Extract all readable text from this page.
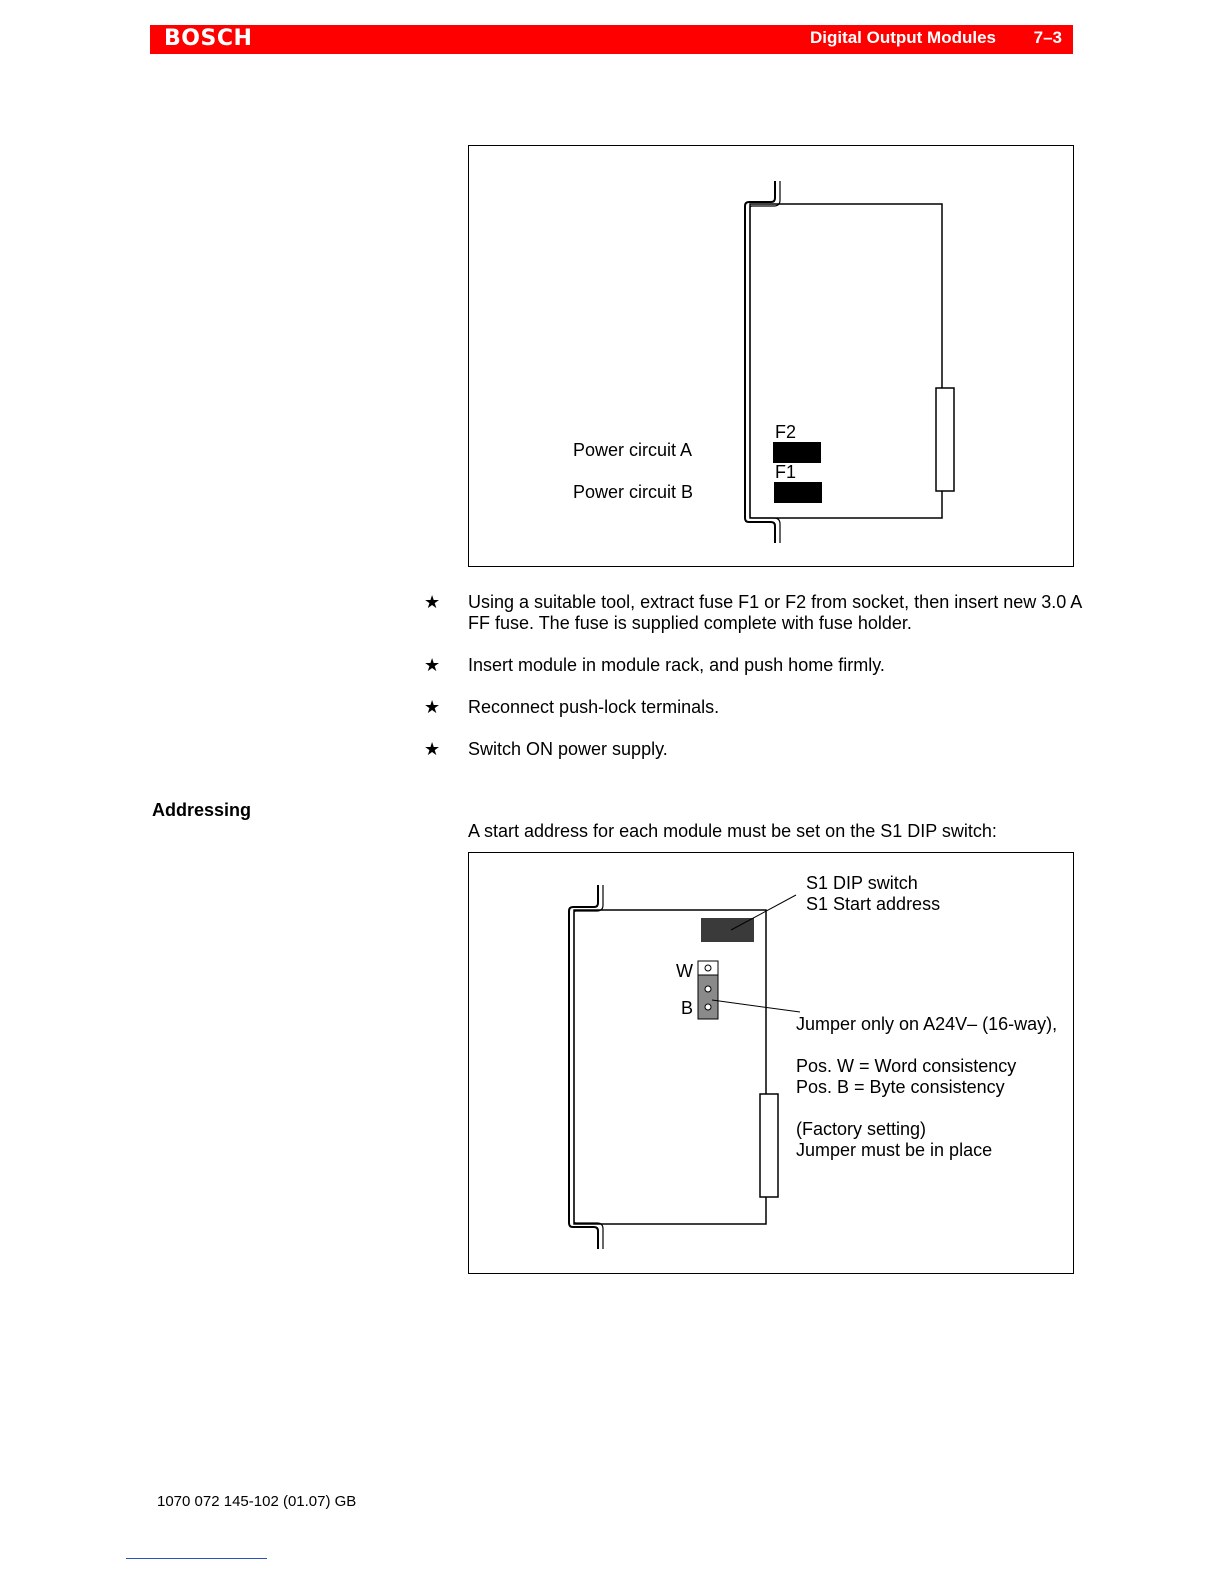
BOSCH	Digital Output Modules 7–3
Power circuit A
Power circuit B
F2
F1
★ Using a suitable tool, extract fuse F1 or F2 from socket, then insert new 3.0 A FF fuse. The fuse is supplied complete with fuse holder.
★ Insert module in module rack, and push home firmly.
★ Reconnect push-lock terminals.
★ Switch ON power supply.
Addressing
A start address for each module must be set on the S1 DIP switch:
S1 DIP switch
S1 Start address
W
B
Jumper only on A24V– (16-way),
Pos. W = Word consistency
Pos. B = Byte consistency
(Factory setting)
Jumper must be in place
1070 072 145-102 (01.07) GB
